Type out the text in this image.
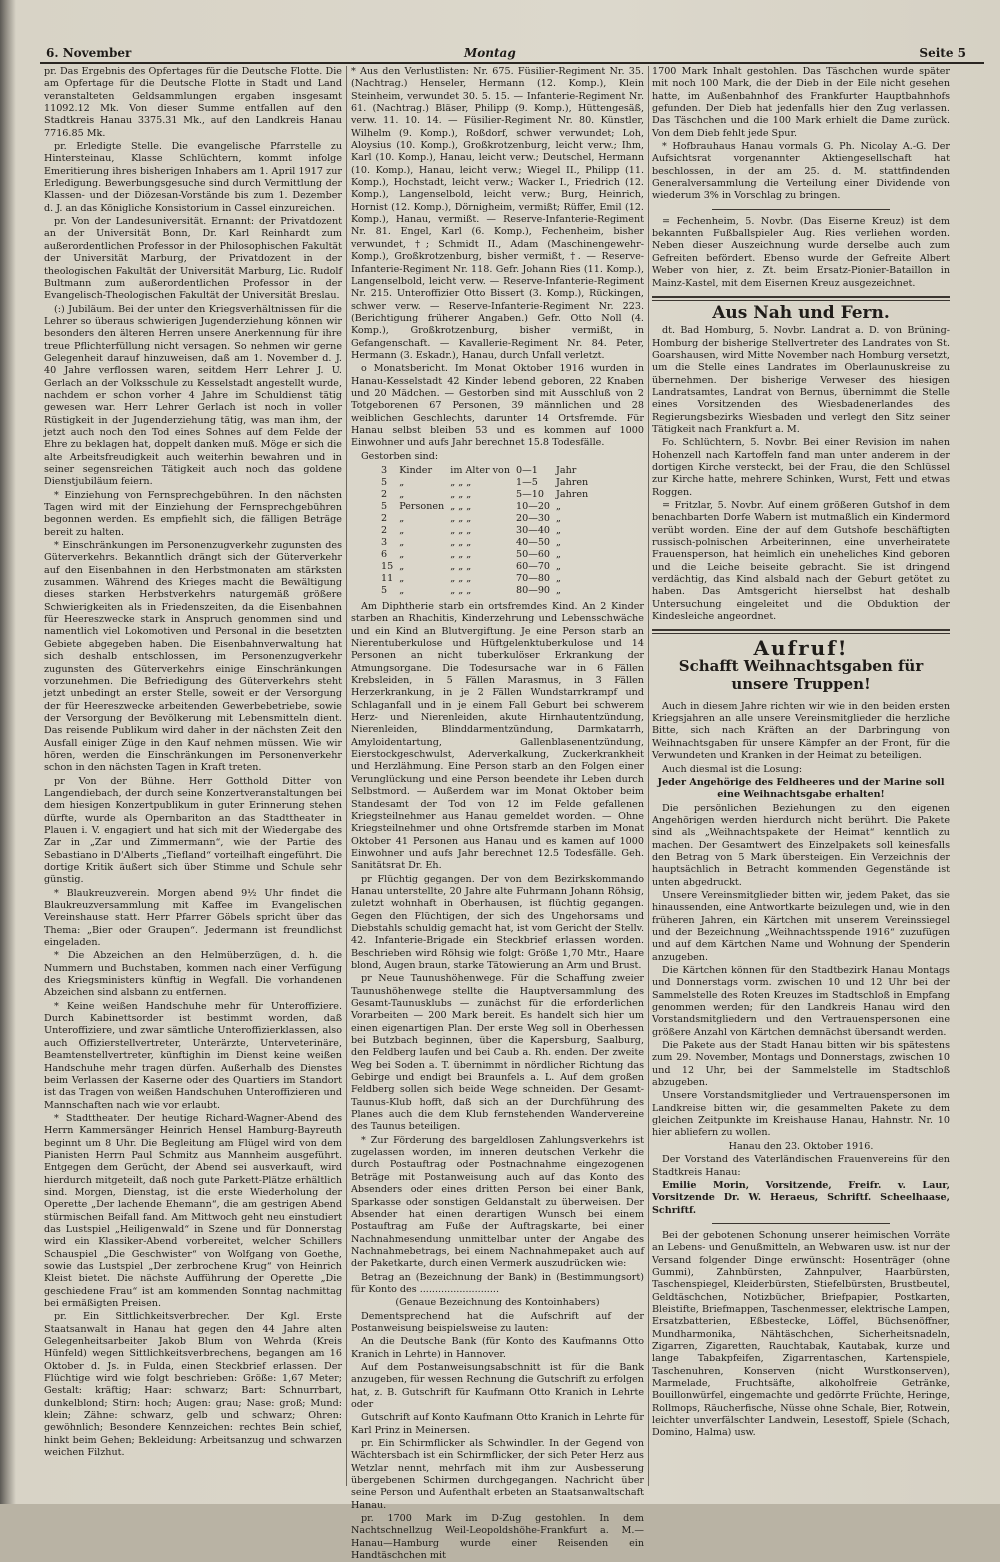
6. November	Montag	Seite 5

pr. Das Ergebnis des Opfertages für die Deutsche Flotte. Die am Opfertage für die Deutsche Flotte in Stadt und Land veranstalteten Geldsammlungen ergaben insgesamt 11092.12 Mk. Von dieser Summe entfallen auf den Stadtkreis Hanau 3375.31 Mk., auf den Landkreis Hanau 7716.85 Mk.

pr. Erledigte Stelle. Die evangelische Pfarrstelle zu Hintersteinau, Klasse Schlüchtern, kommt infolge Emeritierung ihres bisherigen Inhabers am 1. April 1917 zur Erledigung. Bewerbungsgesuche sind durch Vermittlung der Klassen- und der Diözesan-Vorstände bis zum 1. Dezember d. J. an das Königliche Konsistorium in Cassel einzureichen.

pr. Von der Landesuniversität. Ernannt: der Privatdozent an der Universität Bonn, Dr. Karl Reinhardt zum außerordentlichen Professor in der Philosophischen Fakultät der Universität Marburg, der Privatdozent in der theologischen Fakultät der Universität Marburg, Lic. Rudolf Bultmann zum außerordentlichen Professor in der Evangelisch-Theologischen Fakultät der Universität Breslau.

(:) Jubiläum. Bei der unter den Kriegsverhältnissen für die Lehrer so überaus schwierigen Jugenderziehung können wir besonders den älteren Herren unsere Anerkennung für ihre treue Pflichterfüllung nicht versagen. So nehmen wir gerne Gelegenheit darauf hinzuweisen, daß am 1. November d. J. 40 Jahre verflossen waren, seitdem Herr Lehrer J. U. Gerlach an der Volksschule zu Kesselstadt angestellt wurde, nachdem er schon vorher 4 Jahre im Schuldienst tätig gewesen war. Herr Lehrer Gerlach ist noch in voller Rüstigkeit in der Jugenderziehung tätig, was man ihm, der jetzt auch noch den Tod eines Sohnes auf dem Felde der Ehre zu beklagen hat, doppelt danken muß. Möge er sich die alte Arbeitsfreudigkeit auch weiterhin bewahren und in seiner segensreichen Tätigkeit auch noch das goldene Dienstjubiläum feiern.

* Einziehung von Fernsprechgebühren. In den nächsten Tagen wird mit der Einziehung der Fernsprechgebühren begonnen werden. Es empfiehlt sich, die fälligen Beträge bereit zu halten.

* Einschränkungen im Personenzugverkehr zugunsten des Güterverkehrs. Bekanntlich drängt sich der Güterverkehr auf den Eisenbahnen in den Herbstmonaten am stärksten zusammen. Während des Krieges macht die Bewältigung dieses starken Herbstverkehrs naturgemäß größere Schwierigkeiten als in Friedenszeiten, da die Eisenbahnen für Heereszwecke stark in Anspruch genommen sind und namentlich viel Lokomotiven und Personal in die besetzten Gebiete abgegeben haben. Die Eisenbahnverwaltung hat sich deshalb entschlossen, im Personenzugverkehr zugunsten des Güterverkehrs einige Einschränkungen vorzunehmen. Die Befriedigung des Güterverkehrs steht jetzt unbedingt an erster Stelle, soweit er der Versorgung der für Heereszwecke arbeitenden Gewerbebetriebe, sowie der Versorgung der Bevölkerung mit Lebensmitteln dient. Das reisende Publikum wird daher in der nächsten Zeit den Ausfall einiger Züge in den Kauf nehmen müssen. Wie wir hören, werden die Einschränkungen im Personenverkehr schon in den nächsten Tagen in Kraft treten.

pr Von der Bühne. Herr Gotthold Ditter von Langendiebach, der durch seine Konzertveranstaltungen bei dem hiesigen Konzertpublikum in guter Erinnerung stehen dürfte, wurde als Opernbariton an das Stadttheater in Plauen i. V. engagiert und hat sich mit der Wiedergabe des Zar in „Zar und Zimmermann“, wie der Partie des Sebastiano in D'Alberts „Tiefland“ vorteilhaft eingeführt. Die dortige Kritik äußert sich über Stimme und Schule sehr günstig.

* Blaukreuzverein. Morgen abend 9½ Uhr findet die Blaukreuzversammlung mit Kaffee im Evangelischen Vereinshause statt. Herr Pfarrer Göbels spricht über das Thema: „Bier oder Graupen“. Jedermann ist freundlichst eingeladen.

* Die Abzeichen an den Helmüberzügen, d. h. die Nummern und Buchstaben, kommen nach einer Verfügung des Kriegsministers künftig in Wegfall. Die vorhandenen Abzeichen sind alsbann zu entfernen.

* Keine weißen Handschuhe mehr für Unteroffiziere. Durch Kabinettsorder ist bestimmt worden, daß Unteroffiziere, und zwar sämtliche Unteroffizierklassen, also auch Offizierstellvertreter, Unterärzte, Unterveterinäre, Beamtenstellvertreter, künftighin im Dienst keine weißen Handschuhe mehr tragen dürfen. Außerhalb des Dienstes beim Verlassen der Kaserne oder des Quartiers im Standort ist das Tragen von weißen Handschuhen Unteroffizieren und Mannschaften nach wie vor erlaubt.

* Stadttheater. Der heutige Richard-Wagner-Abend des Herrn Kammersänger Heinrich Hensel Hamburg-Bayreuth beginnt um 8 Uhr. Die Begleitung am Flügel wird von dem Pianisten Herrn Paul Schmitz aus Mannheim ausgeführt. Entgegen dem Gerücht, der Abend sei ausverkauft, wird hierdurch mitgeteilt, daß noch gute Parkett-Plätze erhältlich sind. Morgen, Dienstag, ist die erste Wiederholung der Operette „Der lachende Ehemann“, die am gestrigen Abend stürmischen Beifall fand. Am Mittwoch geht neu einstudiert das Lustspiel „Heiligenwald“ in Szene und für Donnerstag wird ein Klassiker-Abend vorbereitet, welcher Schillers Schauspiel „Die Geschwister“ von Wolfgang von Goethe, sowie das Lustspiel „Der zerbrochene Krug“ von Heinrich Kleist bietet. Die nächste Aufführung der Operette „Die geschiedene Frau“ ist am kommenden Sonntag nachmittag bei ermäßigten Preisen.

pr. Ein Sittlichkeitsverbrecher. Der Kgl. Erste Staatsanwalt in Hanau hat gegen den 44 Jahre alten Gelegenheitsarbeiter Jakob Blum von Wehrda (Kreis Hünfeld) wegen Sittlichkeitsverbrechens, begangen am 16 Oktober d. Js. in Fulda, einen Steckbrief erlassen. Der Flüchtige wird wie folgt beschrieben: Größe: 1,67 Meter; Gestalt: kräftig; Haar: schwarz; Bart: Schnurrbart, dunkelblond; Stirn: hoch; Augen: grau; Nase: groß; Mund: klein; Zähne: schwarz, gelb und schwarz; Ohren: gewöhnlich; Besondere Kennzeichen: rechtes Bein schief, hinkt beim Gehen; Bekleidung: Arbeitsanzug und schwarzen weichen Filzhut.

* Aus den Verlustlisten: Nr. 675. Füsilier-Regiment Nr. 35. (Nachtrag.) Henseler, Hermann (12. Komp.), Klein Steinheim, verwundet 30. 5. 15. — Infanterie-Regiment Nr. 61. (Nachtrag.) Bläser, Philipp (9. Komp.), Hüttengesäß, verw. 11. 10. 14. — Füsilier-Regiment Nr. 80. Künstler, Wilhelm (9. Komp.), Roßdorf, schwer verwundet; Loh, Aloysius (10. Komp.), Großkrotzenburg, leicht verw.; Ihm, Karl (10. Komp.), Hanau, leicht verw.; Deutschel, Hermann (10. Komp.), Hanau, leicht verw.; Wiegel II., Philipp (11. Komp.), Hochstadt, leicht verw.; Wacker I., Friedrich (12. Komp.), Langenselbold, leicht verw.; Burg, Heinrich, Hornist (12. Komp.), Dörnigheim, vermißt; Rüffer, Emil (12. Komp.), Hanau, vermißt. — Reserve-Infanterie-Regiment Nr. 81. Engel, Karl (6. Komp.), Fechenheim, bisher verwundet, †; Schmidt II., Adam (Maschinengewehr-Komp.), Großkrotzenburg, bisher vermißt, †. — Reserve-Infanterie-Regiment Nr. 118. Gefr. Johann Ries (11. Komp.), Langenselbold, leicht verw. — Reserve-Infanterie-Regiment Nr. 215. Unteroffizier Otto Bissert (3. Komp.), Rückingen, schwer verw. — Reserve-Infanterie-Regiment Nr. 223. (Berichtigung früherer Angaben.) Gefr. Otto Noll (4. Komp.), Großkrotzenburg, bisher vermißt, in Gefangenschaft. — Kavallerie-Regiment Nr. 84. Peter, Hermann (3. Eskadr.), Hanau, durch Unfall verletzt.

o Monatsbericht. Im Monat Oktober 1916 wurden in Hanau-Kesselstadt 42 Kinder lebend geboren, 22 Knaben und 20 Mädchen. — Gestorben sind mit Ausschluß von 2 Totgeborenen 67 Personen, 39 männlichen und 28 weiblichen Geschlechts, darunter 14 Ortsfremde. Für Hanau selbst bleiben 53 und es kommen auf 1000 Einwohner und aufs Jahr berechnet 15.8 Todesfälle.

Gestorben sind:

3	Kinder	im Alter von	0—1	Jahr
5	„	„ „ „	1—5	Jahren
2	„	„ „ „	5—10	Jahren
5	Personen	„ „ „	10—20	„
2	„	„ „ „	20—30	„
2	„	„ „ „	30—40	„
3	„	„ „ „	40—50	„
6	„	„ „ „	50—60	„
15	„	„ „ „	60—70	„
11	„	„ „ „	70—80	„
5	„	„ „ „	80—90	„

Am Diphtherie starb ein ortsfremdes Kind. An 2 Kinder starben an Rhachitis, Kinderzehrung und Lebensschwäche und ein Kind an Blutvergiftung. Je eine Person starb an Nierentuberkulose und Hüftgelenktuberkulose und 14 Personen an nicht tuberkulöser Erkrankung der Atmungsorgane. Die Todesursache war in 6 Fällen Krebsleiden, in 5 Fällen Marasmus, in 3 Fällen Herzerkrankung, in je 2 Fällen Wundstarrkrampf und Schlaganfall und in je einem Fall Geburt bei schwerem Herz- und Nierenleiden, akute Hirnhautentzündung, Nierenleiden, Blinddarmentzündung, Darmkatarrh, Amyloidentartung, Gallenblasenentzündung, Eierstockgeschwulst, Aderverkalkung, Zuckerkrankheit und Herzlähmung. Eine Person starb an den Folgen einer Verunglückung und eine Person beendete ihr Leben durch Selbstmord. — Außerdem war im Monat Oktober beim Standesamt der Tod von 12 im Felde gefallenen Kriegsteilnehmer aus Hanau gemeldet worden. — Ohne Kriegsteilnehmer und ohne Ortsfremde starben im Monat Oktober 41 Personen aus Hanau und es kamen auf 1000 Einwohner und aufs Jahr berechnet 12.5 Todesfälle. Geh. Sanitätsrat Dr. Eh.

pr Flüchtig gegangen. Der von dem Bezirkskommando Hanau unterstellte, 20 Jahre alte Fuhrmann Johann Röhsig, zuletzt wohnhaft in Oberhausen, ist flüchtig gegangen. Gegen den Flüchtigen, der sich des Ungehorsams und Diebstahls schuldig gemacht hat, ist vom Gericht der Stellv. 42. Infanterie-Brigade ein Steckbrief erlassen worden. Beschrieben wird Röhsig wie folgt: Größe 1,70 Mtr., Haare blond, Augen braun, starke Tätowierung an Arm und Brust.

pr Neue Taunushöhenwege. Für die Schaffung zweier Taunushöhenwege stellte die Hauptversammlung des Gesamt-Taunusklubs — zunächst für die erforderlichen Vorarbeiten — 200 Mark bereit. Es handelt sich hier um einen eigenartigen Plan. Der erste Weg soll in Oberhessen bei Butzbach beginnen, über die Kapersburg, Saalburg, den Feldberg laufen und bei Caub a. Rh. enden. Der zweite Weg bei Soden a. T. übernimmt in nördlicher Richtung das Gebirge und endigt bei Braunfels a. L. Auf dem großen Feldberg sollen sich beide Wege schneiden. Der Gesamt-Taunus-Klub hofft, daß sich an der Durchführung des Planes auch die dem Klub fernstehenden Wandervereine des Taunus beteiligen.

* Zur Förderung des bargeldlosen Zahlungsverkehrs ist zugelassen worden, im inneren deutschen Verkehr die durch Postauftrag oder Postnachnahme eingezogenen Beträge mit Postanweisung auch auf das Konto des Absenders oder eines dritten Person bei einer Bank, Sparkasse oder sonstigen Geldanstalt zu überweisen. Der Absender hat einen derartigen Wunsch bei einem Postauftrag am Fuße der Auftragskarte, bei einer Nachnahmesendung unmittelbar unter der Angabe des Nachnahmebetrags, bei einem Nachnahmepaket auch auf der Paketkarte, durch einen Vermerk auszudrücken wie:

Betrag an (Bezeichnung der Bank) in (Bestimmungsort) für Konto des ..........................

(Genaue Bezeichnung des Kontoinhabers)

Dementsprechend hat die Aufschrift auf der Postanweisung beispielsweise zu lauten:

An die Deutsche Bank (für Konto des Kaufmanns Otto Kranich in Lehrte) in Hannover.

Auf dem Postanweisungsabschnitt ist für die Bank anzugeben, für wessen Rechnung die Gutschrift zu erfolgen hat, z. B. Gutschrift für Kaufmann Otto Kranich in Lehrte oder

Gutschrift auf Konto Kaufmann Otto Kranich in Lehrte für Karl Prinz in Meinersen.

pr. Ein Schirmflicker als Schwindler. In der Gegend von Wächtersbach ist ein Schirmflicker, der sich Peter Herz aus Wetzlar nennt, mehrfach mit ihm zur Ausbesserung übergebenen Schirmen durchgegangen. Nachricht über seine Person und Aufenthalt erbeten an Staatsanwaltschaft Hanau.

pr. 1700 Mark im D-Zug gestohlen. In dem Nachtschnellzug Weil-Leopoldshöhe-Frankfurt a. M.—Hanau—Hamburg wurde einer Reisenden ein Handtäschchen mit

1700 Mark Inhalt gestohlen. Das Täschchen wurde später mit noch 100 Mark, die der Dieb in der Eile nicht gesehen hatte, im Außenbahnhof des Frankfurter Hauptbahnhofs gefunden. Der Dieb hat jedenfalls hier den Zug verlassen. Das Täschchen und die 100 Mark erhielt die Dame zurück. Von dem Dieb fehlt jede Spur.

* Hofbrauhaus Hanau vormals G. Ph. Nicolay A.-G. Der Aufsichtsrat vorgenannter Aktiengesellschaft hat beschlossen, in der am 25. d. M. stattfindenden Generalversammlung die Verteilung einer Dividende von wiederum 3% in Vorschlag zu bringen.

= Fechenheim, 5. Novbr. (Das Eiserne Kreuz) ist dem bekannten Fußballspieler Aug. Ries verliehen worden. Neben dieser Auszeichnung wurde derselbe auch zum Gefreiten befördert. Ebenso wurde der Gefreite Albert Weber von hier, z. Zt. beim Ersatz-Pionier-Bataillon in Mainz-Kastel, mit dem Eisernen Kreuz ausgezeichnet.

Aus Nah und Fern.

dt. Bad Homburg, 5. Novbr. Landrat a. D. von Brüning-Homburg der bisherige Stellvertreter des Landrates von St. Goarshausen, wird Mitte November nach Homburg versetzt, um die Stelle eines Landrates im Oberlaunuskreise zu übernehmen. Der bisherige Verweser des hiesigen Landratsamtes, Landrat von Bernus, übernimmt die Stelle eines Vorsitzenden des Wiesbadenerlandes des Regierungsbezirks Wiesbaden und verlegt den Sitz seiner Tätigkeit nach Frankfurt a. M.

Fo. Schlüchtern, 5. Novbr. Bei einer Revision im nahen Hohenzell nach Kartoffeln fand man unter anderem in der dortigen Kirche versteckt, bei der Frau, die den Schlüssel zur Kirche hatte, mehrere Schinken, Wurst, Fett und etwas Roggen.

= Fritzlar, 5. Novbr. Auf einem größeren Gutshof in dem benachbarten Dorfe Wabern ist mutmaßlich ein Kindermord verübt worden. Eine der auf dem Gutshofe beschäftigten russisch-polnischen Arbeiterinnen, eine unverheiratete Frauensperson, hat heimlich ein uneheliches Kind geboren und die Leiche beiseite gebracht. Sie ist dringend verdächtig, das Kind alsbald nach der Geburt getötet zu haben. Das Amtsgericht hierselbst hat deshalb Untersuchung eingeleitet und die Obduktion der Kindesleiche angeordnet.

Aufruf!
Schafft Weihnachtsgaben für unsere Truppen!

Auch in diesem Jahre richten wir wie in den beiden ersten Kriegsjahren an alle unsere Vereinsmitglieder die herzliche Bitte, sich nach Kräften an der Darbringung von Weihnachtsgaben für unsere Kämpfer an der Front, für die Verwundeten und Kranken in der Heimat zu beteiligen.

Auch diesmal ist die Losung:

Jeder Angehörige des Feldheeres und der Marine soll eine Weihnachtsgabe erhalten!

Die persönlichen Beziehungen zu den eigenen Angehörigen werden hierdurch nicht berührt. Die Pakete sind als „Weihnachtspakete der Heimat“ kenntlich zu machen. Der Gesamtwert des Einzelpakets soll keinesfalls den Betrag von 5 Mark übersteigen. Ein Verzeichnis der hauptsächlich in Betracht kommenden Gegenstände ist unten abgedruckt.

Unsere Vereinsmitglieder bitten wir, jedem Paket, das sie hinaussenden, eine Antwortkarte beizulegen und, wie in den früheren Jahren, ein Kärtchen mit unserem Vereinssiegel und der Bezeichnung „Weihnachtsspende 1916“ zuzufügen und auf dem Kärtchen Name und Wohnung der Spenderin anzugeben.

Die Kärtchen können für den Stadtbezirk Hanau Montags und Donnerstags vorm. zwischen 10 und 12 Uhr bei der Sammelstelle des Roten Kreuzes im Stadtschloß in Empfang genommen werden; für den Landkreis Hanau wird den Vorstandsmitgliedern und den Vertrauenspersonen eine größere Anzahl von Kärtchen demnächst übersandt werden.

Die Pakete aus der Stadt Hanau bitten wir bis spätestens zum 29. November, Montags und Donnerstags, zwischen 10 und 12 Uhr, bei der Sammelstelle im Stadtschloß abzugeben.

Unsere Vorstandsmitglieder und Vertrauenspersonen im Landkreise bitten wir, die gesammelten Pakete zu dem gleichen Zeitpunkte im Kreishause Hanau, Hahnstr. Nr. 10 hier abliefern zu wollen.

Hanau den 23. Oktober 1916.

Der Vorstand des Vaterländischen Frauenvereins für den Stadtkreis Hanau:

Emilie Morin, Vorsitzende, Freifr. v. Laur, Vorsitzende Dr. W. Heraeus, Schriftf. Scheelhaase, Schriftf.

Bei der gebotenen Schonung unserer heimischen Vorräte an Lebens- und Genußmitteln, an Webwaren usw. ist nur der Versand folgender Dinge erwünscht: Hosenträger (ohne Gummi), Zahnbürsten, Zahnpulver, Haarbürsten, Taschenspiegel, Kleiderbürsten, Stiefelbürsten, Brustbeutel, Geldtäschchen, Notizbücher, Briefpapier, Postkarten, Bleistifte, Briefmappen, Taschenmesser, elektrische Lampen, Ersatzbatterien, Eßbestecke, Löffel, Büchsenöffner, Mundharmonika, Nähtäschchen, Sicherheitsnadeln, Zigarren, Zigaretten, Rauchtabak, Kautabak, kurze und lange Tabakpfeifen, Zigarrentaschen, Kartenspiele, Taschenuhren, Konserven (nicht Wurstkonserven), Marmelade, Fruchtsäfte, alkoholfreie Getränke, Bouillonwürfel, eingemachte und gedörrte Früchte, Heringe, Rollmops, Räucherfische, Nüsse ohne Schale, Bier, Rotwein, leichter unverfälschter Landwein, Lesestoff, Spiele (Schach, Domino, Halma) usw.
